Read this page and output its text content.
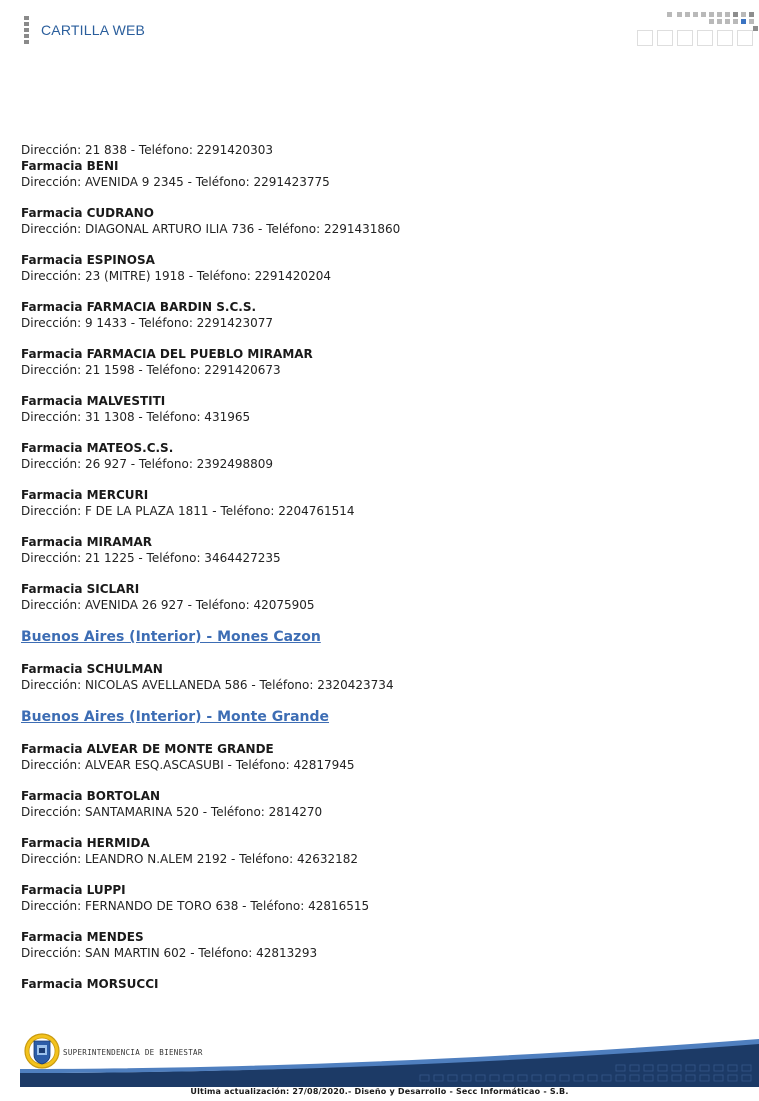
CARTILLA WEB
Dirección: 21 838 - Teléfono: 2291420303
Farmacia BENI
Dirección: AVENIDA 9 2345 - Teléfono: 2291423775
Farmacia CUDRANO
Dirección: DIAGONAL ARTURO ILIA 736 - Teléfono: 2291431860
Farmacia ESPINOSA
Dirección: 23 (MITRE) 1918 - Teléfono: 2291420204
Farmacia FARMACIA BARDIN S.C.S.
Dirección: 9 1433 - Teléfono: 2291423077
Farmacia FARMACIA DEL PUEBLO MIRAMAR
Dirección: 21 1598 - Teléfono: 2291420673
Farmacia MALVESTITI
Dirección: 31 1308 - Teléfono: 431965
Farmacia MATEOS.C.S.
Dirección: 26 927 - Teléfono: 2392498809
Farmacia MERCURI
Dirección: F DE LA PLAZA 1811 - Teléfono: 2204761514
Farmacia MIRAMAR
Dirección: 21 1225 - Teléfono: 3464427235
Farmacia SICLARI
Dirección: AVENIDA 26 927 - Teléfono: 42075905
Buenos Aires (Interior) - Mones Cazon
Farmacia SCHULMAN
Dirección: NICOLAS AVELLANEDA 586 - Teléfono: 2320423734
Buenos Aires (Interior) - Monte Grande
Farmacia ALVEAR DE MONTE GRANDE
Dirección: ALVEAR ESQ.ASCASUBI - Teléfono: 42817945
Farmacia BORTOLAN
Dirección: SANTAMARINA 520 - Teléfono: 2814270
Farmacia HERMIDA
Dirección: LEANDRO N.ALEM 2192 - Teléfono: 42632182
Farmacia LUPPI
Dirección: FERNANDO DE TORO 638 - Teléfono: 42816515
Farmacia MENDES
Dirección: SAN MARTIN 602 - Teléfono: 42813293
Farmacia MORSUCCI
SUPERINTENDENCIA DE BIENESTAR
Ultima actualización: 27/08/2020.- Diseño y Desarrollo - Secc Informáticao - S.B.
